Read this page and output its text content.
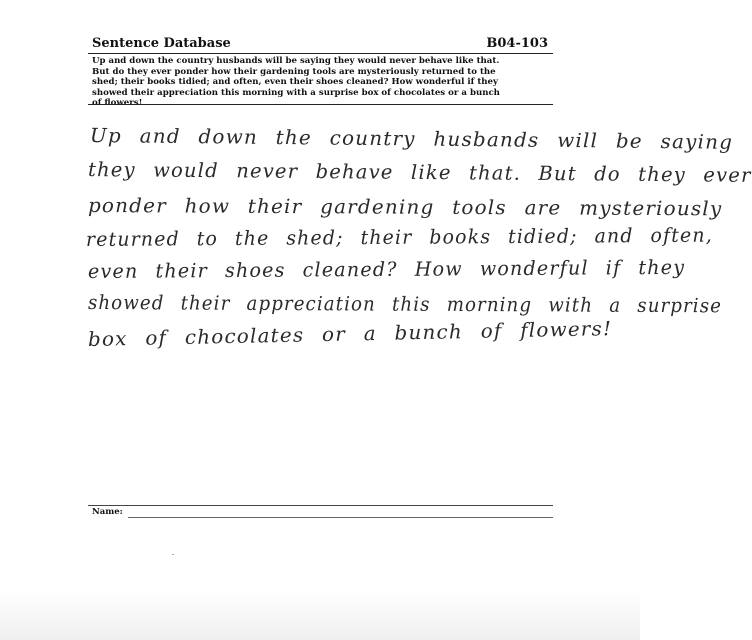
Sentence Database	B04-103
Up and down the country husbands will be saying they would never behave like that.
But do they ever ponder how their gardening tools are mysteriously returned to the
shed; their books tidied; and often, even their shoes cleaned? How wonderful if they
showed their appreciation this morning with a surprise box of chocolates or a bunch
Up and down the country husbands will be saying
they would never behave like that. But do they ever
ponder how their gardening tools are mysteriously
returned to the shed; their books tidied; and often,
even their shoes cleaned? How wonderful if they
showed their appreciation this morning with a surprise
box of chocolates or a bunch of flowers!
Name:
